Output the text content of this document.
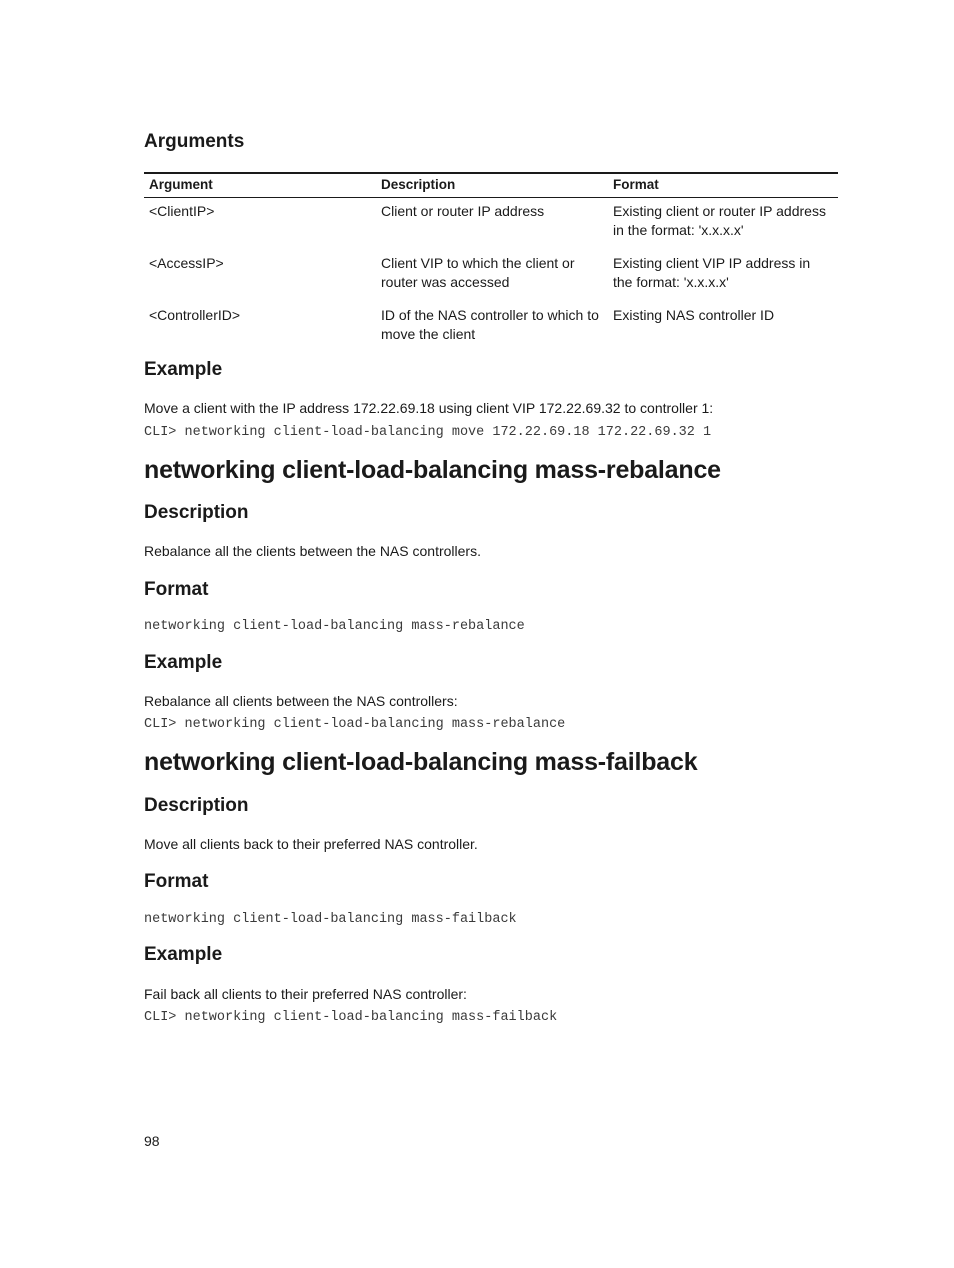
Arguments
Argument	Description	Format
<ClientIP>	Client or router IP address	Existing client or router IP address in the format: 'x.x.x.x'
<AccessIP>	Client VIP to which the client or router was accessed	Existing client VIP IP address in the format: 'x.x.x.x'
<ControllerID>	ID of the NAS controller to which to move the client	Existing NAS controller ID
Example

Move a client with the IP address 172.22.69.18 using client VIP 172.22.69.32 to controller 1:

CLI> networking client-load-balancing move 172.22.69.18 172.22.69.32 1

networking client-load-balancing mass-rebalance
Description

Rebalance all the clients between the NAS controllers.

Format

networking client-load-balancing mass-rebalance

Example

Rebalance all clients between the NAS controllers:

CLI> networking client-load-balancing mass-rebalance

networking client-load-balancing mass-failback
Description

Move all clients back to their preferred NAS controller.

Format

networking client-load-balancing mass-failback

Example

Fail back all clients to their preferred NAS controller:

CLI> networking client-load-balancing mass-failback

98
